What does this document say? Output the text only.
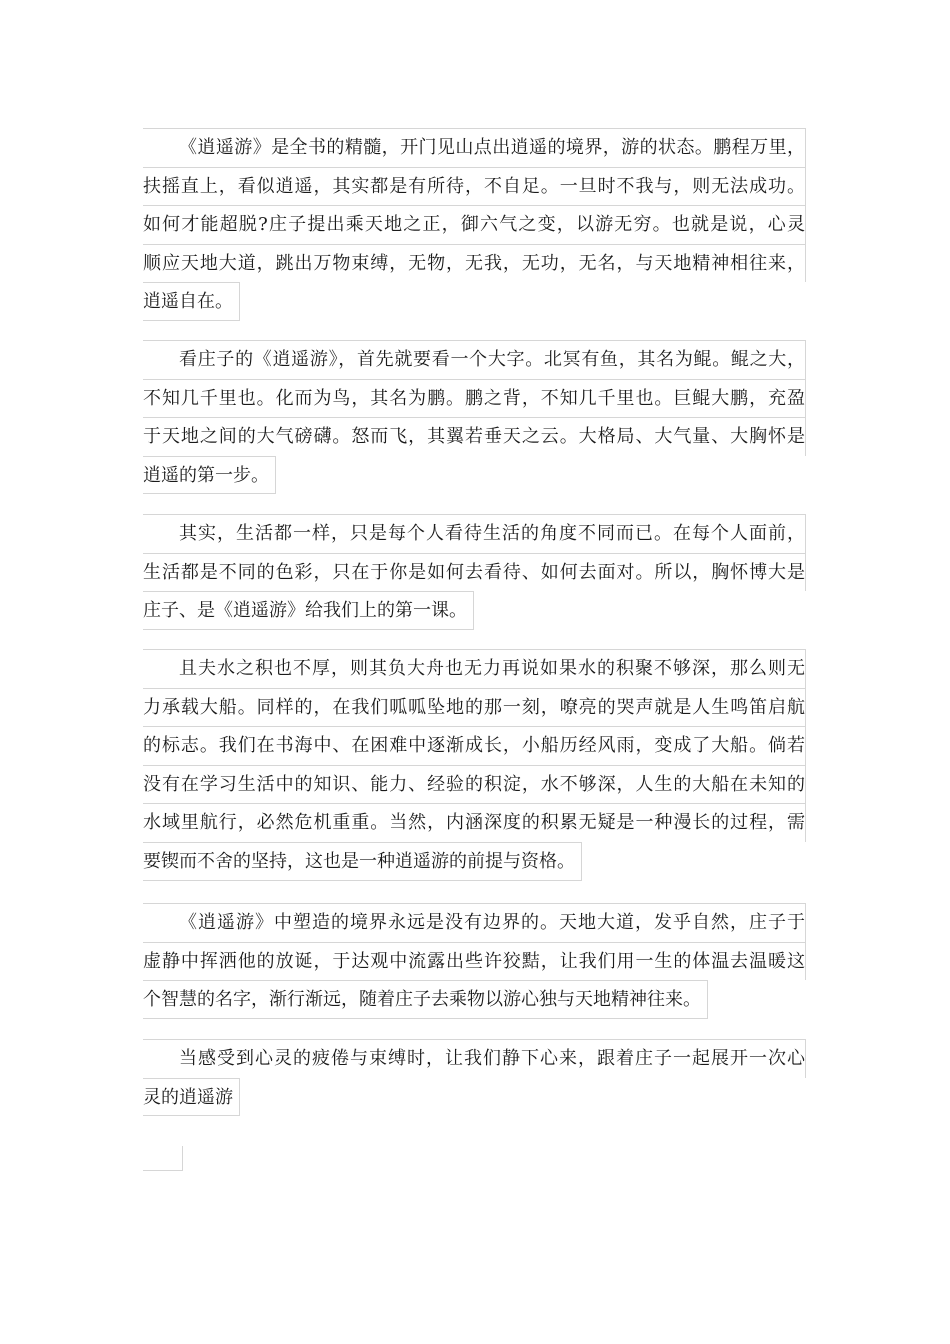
《逍遥游》是全书的精髓，开门见山点出逍遥的境界，游的状态。鹏程万里，
扶摇直上，看似逍遥，其实都是有所待，不自足。一旦时不我与，则无法成功。
如何才能超脱?庄子提出乘天地之正，御六气之变，以游无穷。也就是说，心灵
顺应天地大道，跳出万物束缚，无物，无我，无功，无名，与天地精神相往来，
逍遥自在。
看庄子的《逍遥游》，首先就要看一个大字。北冥有鱼，其名为鲲。鲲之大，
不知几千里也。化而为鸟，其名为鹏。鹏之背，不知几千里也。巨鲲大鹏，充盈
于天地之间的大气磅礴。怒而飞，其翼若垂天之云。大格局、大气量、大胸怀是
逍遥的第一步。
其实，生活都一样，只是每个人看待生活的角度不同而已。在每个人面前，
生活都是不同的色彩，只在于你是如何去看待、如何去面对。所以，胸怀博大是
庄子、是《逍遥游》给我们上的第一课。
且夫水之积也不厚，则其负大舟也无力再说如果水的积聚不够深，那么则无
力承载大船。同样的，在我们呱呱坠地的那一刻，嘹亮的哭声就是人生鸣笛启航
的标志。我们在书海中、在困难中逐渐成长，小船历经风雨，变成了大船。倘若
没有在学习生活中的知识、能力、经验的积淀，水不够深，人生的大船在未知的
水域里航行，必然危机重重。当然，内涵深度的积累无疑是一种漫长的过程，需
要锲而不舍的坚持，这也是一种逍遥游的前提与资格。
《逍遥游》中塑造的境界永远是没有边界的。天地大道，发乎自然，庄子于
虚静中挥洒他的放诞，于达观中流露出些许狡黠，让我们用一生的体温去温暖这
个智慧的名字，渐行渐远，随着庄子去乘物以游心独与天地精神往来。
当感受到心灵的疲倦与束缚时，让我们静下心来，跟着庄子一起展开一次心
灵的逍遥游
